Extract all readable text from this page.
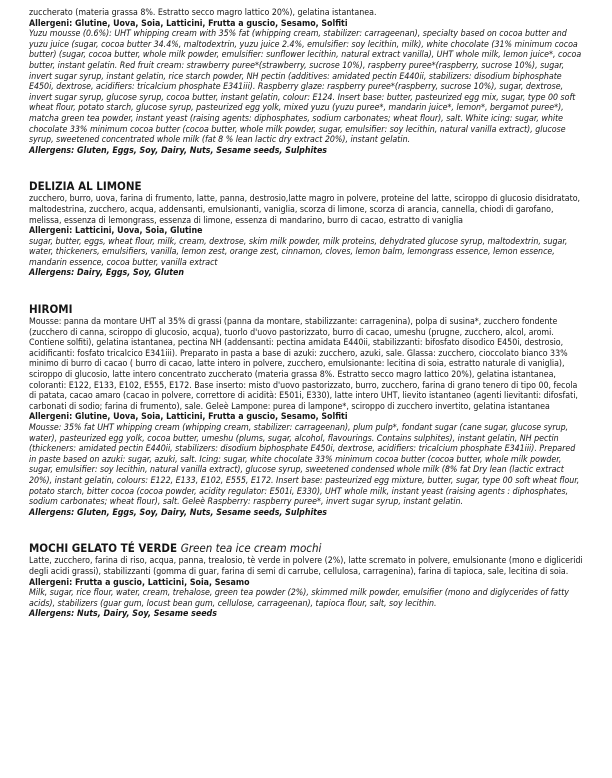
zuccherato (materia grassa 8%. Estratto secco magro lattico 20%), gelatina istantanea.

Allergeni: Glutine, Uova, Soia, Latticini, Frutta a guscio, Sesamo, Solfiti

Yuzu mousse (0.6%): UHT whipping cream with 35% fat (whipping cream, stabilizer: carrageenan), specialty based on cocoa butter and yuzu juice (sugar, cocoa butter 34.4%, maltodextrin, yuzu juice 2.4%, emulsifier: soy lecithin, milk), white chocolate (31% minimum cocoa butter) (sugar, cocoa butter, whole milk powder, emulsifier: sunflower lecithin, natural extract vanilla), UHT whole milk, lemon juice*, cocoa butter, instant gelatin. Red fruit cream: strawberry puree*(strawberry, sucrose 10%), raspberry puree*(raspberry, sucrose 10%), sugar, invert sugar syrup, instant gelatin, rice starch powder, NH pectin (additives: amidated pectin E440ii, stabilizers: disodium biphosphate E450i, dextrose, acidifiers: tricalcium phosphate E341iii). Raspberry glaze: raspberry puree*(raspberry, sucrose 10%), sugar, dextrose, invert sugar syrup, glucose syrup, cocoa butter, instant gelatin, colour: E124. Insert base: butter, pasteurized egg mix, sugar, type 00 soft wheat flour, potato starch, glucose syrup, pasteurized egg yolk, mixed yuzu (yuzu puree*, mandarin juice*, lemon*, bergamot puree*), matcha green tea powder, instant yeast (raising agents: diphosphates, sodium carbonates; wheat flour), salt. White icing: sugar, white chocolate 33% minimum cocoa butter (cocoa butter, whole milk powder, sugar, emulsifier: soy lecithin, natural vanilla extract), glucose syrup, sweetened concentrated whole milk (fat 8 % lean lactic dry extract 20%), instant gelatin.

Allergens: Gluten, Eggs, Soy, Dairy, Nuts, Sesame seeds, Sulphites

DELIZIA AL LIMONE

zucchero, burro, uova, farina di frumento, latte, panna, destrosio,latte magro in polvere, proteine del latte, sciroppo di glucosio disidratato, maltodestrina, zucchero, acqua, addensanti, emulsionanti, vaniglia, scorza di limone, scorza di arancia, cannella, chiodi di garofano, melissa, essenza di lemongrass, essenza di limone, essenza di mandarino, burro di cacao, estratto di vaniglia

Allergeni: Latticini, Uova, Soia, Glutine

sugar, butter, eggs, wheat flour, milk, cream, dextrose, skim milk powder, milk proteins, dehydrated glucose syrup, maltodextrin, sugar, water, thickeners, emulsifiers, vanilla, lemon zest, orange zest, cinnamon, cloves, lemon balm, lemongrass essence, lemon essence, mandarin essence, cocoa butter, vanilla extract

Allergens: Dairy, Eggs, Soy, Gluten

HIROMI

Mousse: panna da montare UHT al 35% di grassi (panna da montare, stabilizzante: carragenina), polpa di susina*, zucchero fondente (zucchero di canna, sciroppo di glucosio, acqua), tuorlo d'uovo pastorizzato, burro di cacao, umeshu (prugne, zucchero, alcol, aromi. Contiene solfiti), gelatina istantanea, pectina NH (addensanti: pectina amidata E440ii, stabilizzanti: bifosfato disodico E450i, destrosio, acidificanti: fosfato tricalcico E341iii). Preparato in pasta a base di azuki: zucchero, azuki, sale. Glassa: zucchero, cioccolato bianco 33% minimo di burro di cacao ( burro di cacao, latte intero in polvere, zucchero, emulsionante: lecitina di soia, estratto naturale di vaniglia), sciroppo di glucosio, latte intero concentrato zuccherato (materia grassa 8%. Estratto secco magro lattico 20%), gelatina istantanea, coloranti: E122, E133, E102, E555, E172. Base inserto: misto d'uovo pastorizzato, burro, zucchero, farina di grano tenero di tipo 00, fecola di patata, cacao amaro (cacao in polvere, correttore di acidità: E501i, E330), latte intero UHT, lievito istantaneo (agenti lievitanti: difosfati, carbonati di sodio; farina di frumento), sale. Geleè Lampone: purea di lampone*, sciroppo di zucchero invertito, gelatina istantanea

Allergeni: Glutine, Uova, Soia, Latticini, Frutta a guscio, Sesamo, Solfiti

Mousse: 35% fat UHT whipping cream (whipping cream, stabilizer: carrageenan), plum pulp*, fondant sugar (cane sugar, glucose syrup, water), pasteurized egg yolk, cocoa butter, umeshu (plums, sugar, alcohol, flavourings. Contains sulphites), instant gelatin, NH pectin (thickeners: amidated pectin E440ii, stabilizers: disodium biphosphate E450i, dextrose, acidifiers: tricalcium phosphate E341iii). Prepared in paste based on azuki: sugar, azuki, salt. Icing: sugar, white chocolate 33% minimum cocoa butter (cocoa butter, whole milk powder, sugar, emulsifier: soy lecithin, natural vanilla extract), glucose syrup, sweetened condensed whole milk (8% fat Dry lean (lactic extract 20%), instant gelatin, colours: E122, E133, E102, E555, E172. Insert base: pasteurized egg mixture, butter, sugar, type 00 soft wheat flour, potato starch, bitter cocoa (cocoa powder, acidity regulator: E501i, E330), UHT whole milk, instant yeast (raising agents : diphosphates, sodium carbonates; wheat flour), salt. Geleè Raspberry: raspberry puree*, invert sugar syrup, instant gelatin.

Allergens: Gluten, Eggs, Soy, Dairy, Nuts, Sesame seeds, Sulphites

MOCHI GELATO TÉ VERDE Green tea ice cream mochi

Latte, zucchero, farina di riso, acqua, panna, trealosio, tè verde in polvere (2%), latte scremato in polvere, emulsionante (mono e digliceridi degli acidi grassi), stabilizzanti (gomma di guar, farina di semi di carrube, cellulosa, carragenina), farina di tapioca, sale, lecitina di soia.

Allergeni: Frutta a guscio, Latticini, Soia, Sesamo

Milk, sugar, rice flour, water, cream, trehalose, green tea powder (2%), skimmed milk powder, emulsifier (mono and diglycerides of fatty acids), stabilizers (guar gum, locust bean gum, cellulose, carrageenan), tapioca flour, salt, soy lecithin.

Allergens: Nuts, Dairy, Soy, Sesame seeds
